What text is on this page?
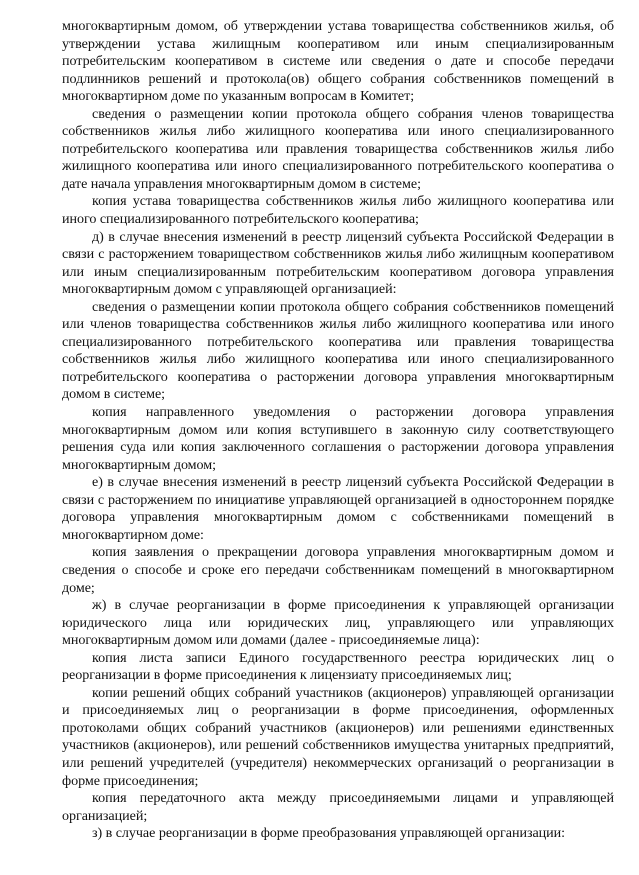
многоквартирным домом, об утверждении устава товарищества собственников жилья, об утверждении устава жилищным кооперативом или иным специализированным потребительским кооперативом в системе или сведения о дате и способе передачи подлинников решений и протокола(ов) общего собрания собственников помещений в многоквартирном доме по указанным вопросам в Комитет;

сведения о размещении копии протокола общего собрания членов товарищества собственников жилья либо жилищного кооператива или иного специализированного потребительского кооператива или правления товарищества собственников жилья либо жилищного кооператива или иного специализированного потребительского кооператива о дате начала управления многоквартирным домом в системе;

копия устава товарищества собственников жилья либо жилищного кооператива или иного специализированного потребительского кооператива;

д) в случае внесения изменений в реестр лицензий субъекта Российской Федерации в связи с расторжением товариществом собственников жилья либо жилищным кооперативом или иным специализированным потребительским кооперативом договора управления многоквартирным домом с управляющей организацией:

сведения о размещении копии протокола общего собрания собственников помещений или членов товарищества собственников жилья либо жилищного кооператива или иного специализированного потребительского кооператива или правления товарищества собственников жилья либо жилищного кооператива или иного специализированного потребительского кооператива о расторжении договора управления многоквартирным домом в системе;

копия направленного уведомления о расторжении договора управления многоквартирным домом или копия вступившего в законную силу соответствующего решения суда или копия заключенного соглашения о расторжении договора управления многоквартирным домом;

е) в случае внесения изменений в реестр лицензий субъекта Российской Федерации в связи с расторжением по инициативе управляющей организацией в одностороннем порядке договора управления многоквартирным домом с собственниками помещений в многоквартирном доме:

копия заявления о прекращении договора управления многоквартирным домом и сведения о способе и сроке его передачи собственникам помещений в многоквартирном доме;

ж) в случае реорганизации в форме присоединения к управляющей организации юридического лица или юридических лиц, управляющего или управляющих многоквартирным домом или домами (далее - присоединяемые лица):

копия листа записи Единого государственного реестра юридических лиц о реорганизации в форме присоединения к лицензиату присоединяемых лиц;

копии решений общих собраний участников (акционеров) управляющей организации и присоединяемых лиц о реорганизации в форме присоединения, оформленных протоколами общих собраний участников (акционеров) или решениями единственных участников (акционеров), или решений собственников имущества унитарных предприятий, или решений учредителей (учредителя) некоммерческих организаций о реорганизации в форме присоединения;

копия передаточного акта между присоединяемыми лицами и управляющей организацией;

з) в случае реорганизации в форме преобразования управляющей организации:
